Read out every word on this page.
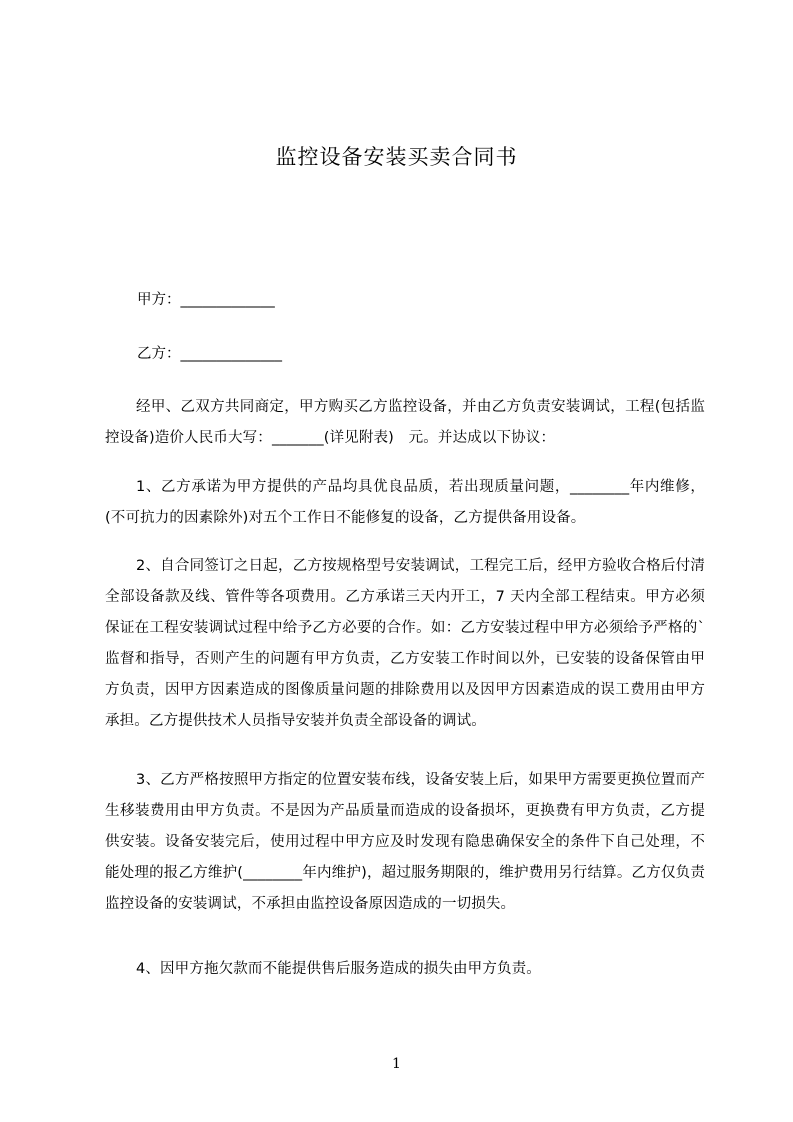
监控设备安装买卖合同书
甲方：_____________
乙方：______________

经甲、乙双方共同商定，甲方购买乙方监控设备，并由乙方负责安装调试，工程(包括监控设备)造价人民币大写：_______(详见附表)　元。并达成以下协议：

1、乙方承诺为甲方提供的产品均具优良品质，若出现质量问题，________年内维修，(不可抗力的因素除外)对五个工作日不能修复的设备，乙方提供备用设备。

2、自合同签订之日起，乙方按规格型号安装调试，工程完工后，经甲方验收合格后付清全部设备款及线、管件等各项费用。乙方承诺三天内开工，7 天内全部工程结束。甲方必须保证在工程安装调试过程中给予乙方必要的合作。如：乙方安装过程中甲方必须给予严格的`监督和指导，否则产生的问题有甲方负责，乙方安装工作时间以外，已安装的设备保管由甲方负责，因甲方因素造成的图像质量问题的排除费用以及因甲方因素造成的误工费用由甲方承担。乙方提供技术人员指导安装并负责全部设备的调试。

3、乙方严格按照甲方指定的位置安装布线，设备安装上后，如果甲方需要更换位置而产生移装费用由甲方负责。不是因为产品质量而造成的设备损坏，更换费有甲方负责，乙方提供安装。设备安装完后，使用过程中甲方应及时发现有隐患确保安全的条件下自己处理，不能处理的报乙方维护(________年内维护)，超过服务期限的，维护费用另行结算。乙方仅负责监控设备的安装调试，不承担由监控设备原因造成的一切损失。

4、因甲方拖欠款而不能提供售后服务造成的损失由甲方负责。

1
